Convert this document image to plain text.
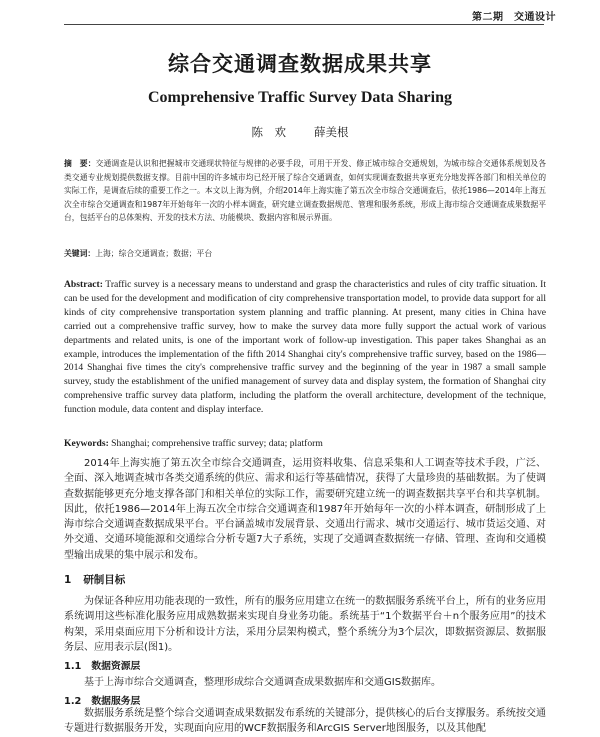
第二期　交通设计
综合交通调查数据成果共享
Comprehensive Traffic Survey Data Sharing
陈　欢 薛美根
摘　要：交通调查是认识和把握城市交通现状特征与规律的必要手段，可用于开发、修正城市综合交通规划，为城市综合交通体系规划及各类交通专业规划提供数据支撑。目前中国的许多城市均已经开展了综合交通调查，如何实现调查数据共享更充分地发挥各部门和相关单位的实际工作，是调查后续的重要工作之一。本文以上海为例，介绍2014年上海实施了第五次全市综合交通调查后，依托1986—2014年上海五次全市综合交通调查和1987年开始每年一次的小样本调查，研究建立调查数据规范、管理和服务系统，形成上海市综合交通调查成果数据平台，包括平台的总体架构、开发的技术方法、功能模块、数据内容和展示界面。
关键词：上海；综合交通调查；数据；平台
Abstract: Traffic survey is a necessary means to understand and grasp the characteristics and rules of city traffic situation. It can be used for the development and modification of city comprehensive transportation model, to provide data support for all kinds of city comprehensive transportation system planning and traffic planning. At present, many cities in China have carried out a comprehensive traffic survey, how to make the survey data more fully support the actual work of various departments and related units, is one of the important work of follow-up investigation. This paper takes Shanghai as an example, introduces the implementation of the fifth 2014 Shanghai city's comprehensive traffic survey, based on the 1986—2014 Shanghai five times the city's comprehensive traffic survey and the beginning of the year in 1987 a small sample survey, study the establishment of the unified management of survey data and display system, the formation of Shanghai city comprehensive traffic survey data platform, including the platform the overall architecture, development of the technique, function module, data content and display interface.
Keywords: Shanghai; comprehensive traffic survey; data; platform
2014年上海实施了第五次全市综合交通调查，运用资料收集、信息采集和人工调查等技术手段，广泛、全面、深入地调查城市各类交通系统的供应、需求和运行等基础情况，获得了大量珍贵的基础数据。为了使调查数据能够更充分地支撑各部门和相关单位的实际工作，需要研究建立统一的调查数据共享平台和共享机制。因此，依托1986—2014年上海五次全市综合交通调查和1987年开始每年一次的小样本调查，研制形成了上海市综合交通调查数据成果平台。平台涵盖城市发展背景、交通出行需求、城市交通运行、城市货运交通、对外交通、交通环境能源和交通综合分析专题7大子系统，实现了交通调查数据统一存储、管理、查询和交通模型输出成果的集中展示和发布。
1 研制目标
为保证各种应用功能表现的一致性，所有的服务应用建立在统一的数据服务系统平台上，所有的业务应用系统调用这些标准化服务应用成熟数据来实现自身业务功能。系统基于“1个数据平台＋n个服务应用”的技术构架，采用桌面应用下分析和设计方法，采用分层架构模式，整个系统分为3个层次，即数据资源层、数据服务层、应用表示层(图1)。
1.1 数据资源层
基于上海市综合交通调查，整理形成综合交通调查成果数据库和交通GIS数据库。
1.2 数据服务层
数据服务系统是整个综合交通调查成果数据发布系统的关键部分，提供核心的后台支撑服务。系统按交通专题进行数据服务开发，实现面向应用的WCF数据服务和ArcGIS Server地图服务，以及其他配
